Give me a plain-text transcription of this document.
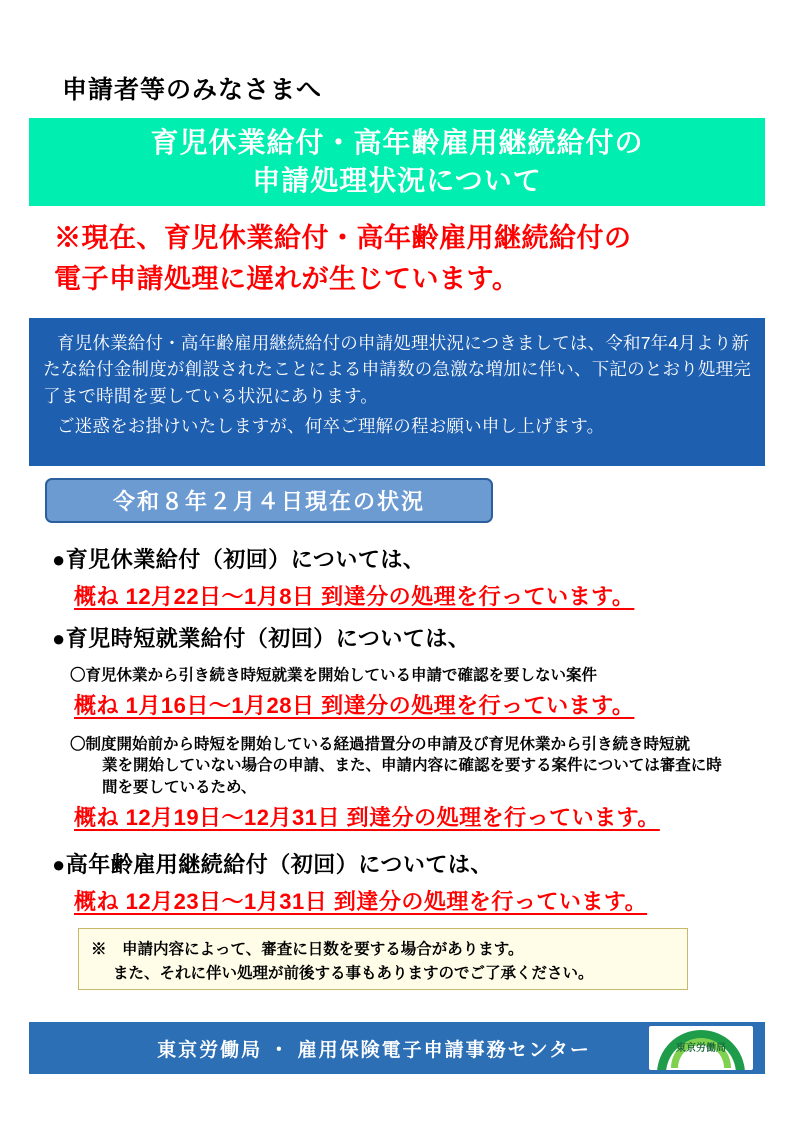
申請者等のみなさまへ
育児休業給付・高年齢雇用継続給付の
申請処理状況について
※現在、育児休業給付・高年齢雇用継続給付の
電子申請処理に遅れが生じています。

育児休業給付・高年齢雇用継続給付の申請処理状況につきましては、令和7年4月より新たな給付金制度が創設されたことによる申請数の急激な増加に伴い、下記のとおり処理完了まで時間を要している状況にあります。

ご迷惑をお掛けいたしますが、何卒ご理解の程お願い申し上げます。

令和８年２月４日現在の状況
●育児休業給付（初回）については、
概ね 12月22日〜1月8日 到達分の処理を行っています。
●育児時短就業給付（初回）については、
〇育児休業から引き続き時短就業を開始している申請で確認を要しない案件
概ね 1月16日〜1月28日 到達分の処理を行っています。
〇制度開始前から時短を開始している経過措置分の申請及び育児休業から引き続き時短就
業を開始していない場合の申請、また、申請内容に確認を要する案件については審査に時
間を要しているため、
概ね 12月19日〜12月31日 到達分の処理を行っています。
●高年齢雇用継続給付（初回）については、
概ね 12月23日〜1月31日 到達分の処理を行っています。
※　申請内容によって、審査に日数を要する場合があります。
また、それに伴い処理が前後する事もありますのでご了承ください。
東京労働局 ・ 雇用保険電子申請事務センター	東京労働局
